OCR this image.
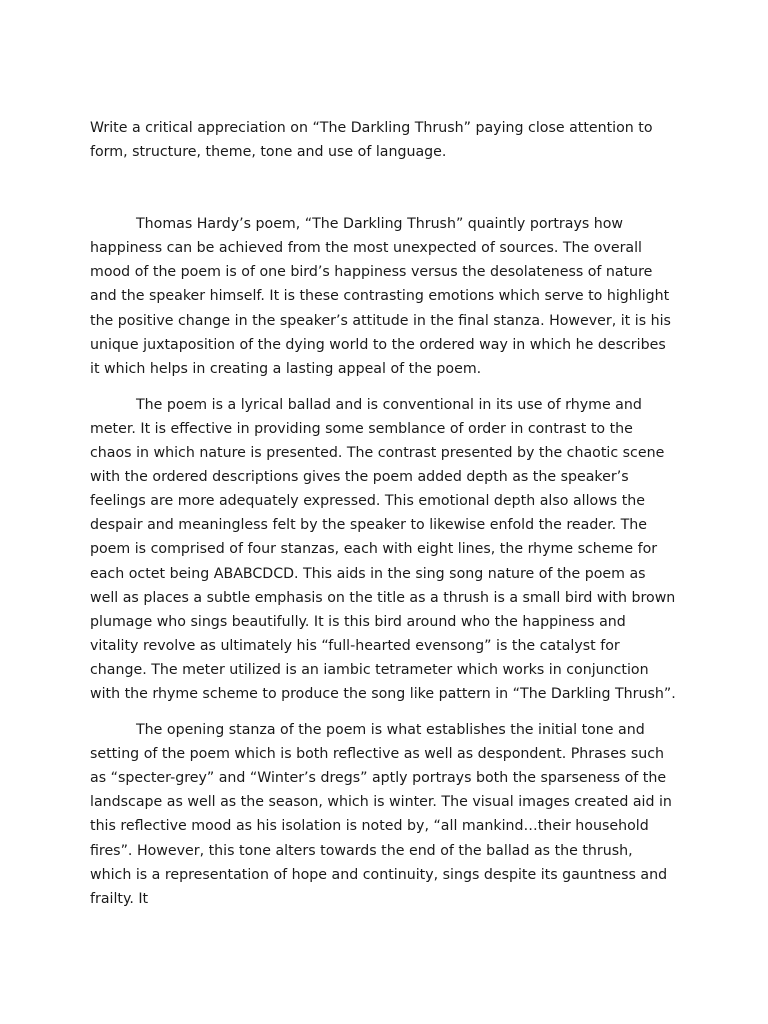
Write a critical appreciation on “The Darkling Thrush” paying close attention to form, structure, theme, tone and use of language.

Thomas Hardy’s poem, “The Darkling Thrush” quaintly portrays how happiness can be achieved from the most unexpected of sources. The overall mood of the poem is of one bird’s happiness versus the desolateness of nature and the speaker himself. It is these contrasting emotions which serve to highlight the positive change in the speaker’s attitude in the final stanza. However, it is his unique juxtaposition of the dying world to the ordered way in which he describes it which helps in creating a lasting appeal of the poem.

The poem is a lyrical ballad and is conventional in its use of rhyme and meter. It is effective in providing some semblance of order in contrast to the chaos in which nature is presented. The contrast presented by the chaotic scene with the ordered descriptions gives the poem added depth as the speaker’s feelings are more adequately expressed. This emotional depth also allows the despair and meaningless felt by the speaker to likewise enfold the reader. The poem is comprised of four stanzas, each with eight lines, the rhyme scheme for each octet being ABABCDCD. This aids in the sing song nature of the poem as well as places a subtle emphasis on the title as a thrush is a small bird with brown plumage who sings beautifully. It is this bird around who the happiness and vitality revolve as ultimately his “full-hearted evensong” is the catalyst for change. The meter utilized is an iambic tetrameter which works in conjunction with the rhyme scheme to produce the song like pattern in “The Darkling Thrush”.

The opening stanza of the poem is what establishes the initial tone and setting of the poem which is both reflective as well as despondent. Phrases such as “specter-grey” and “Winter’s dregs” aptly portrays both the sparseness of the landscape as well as the season, which is winter. The visual images created aid in this reflective mood as his isolation is noted by, “all mankind…their household fires”. However, this tone alters towards the end of the ballad as the thrush, which is a representation of hope and continuity, sings despite its gauntness and frailty. It
